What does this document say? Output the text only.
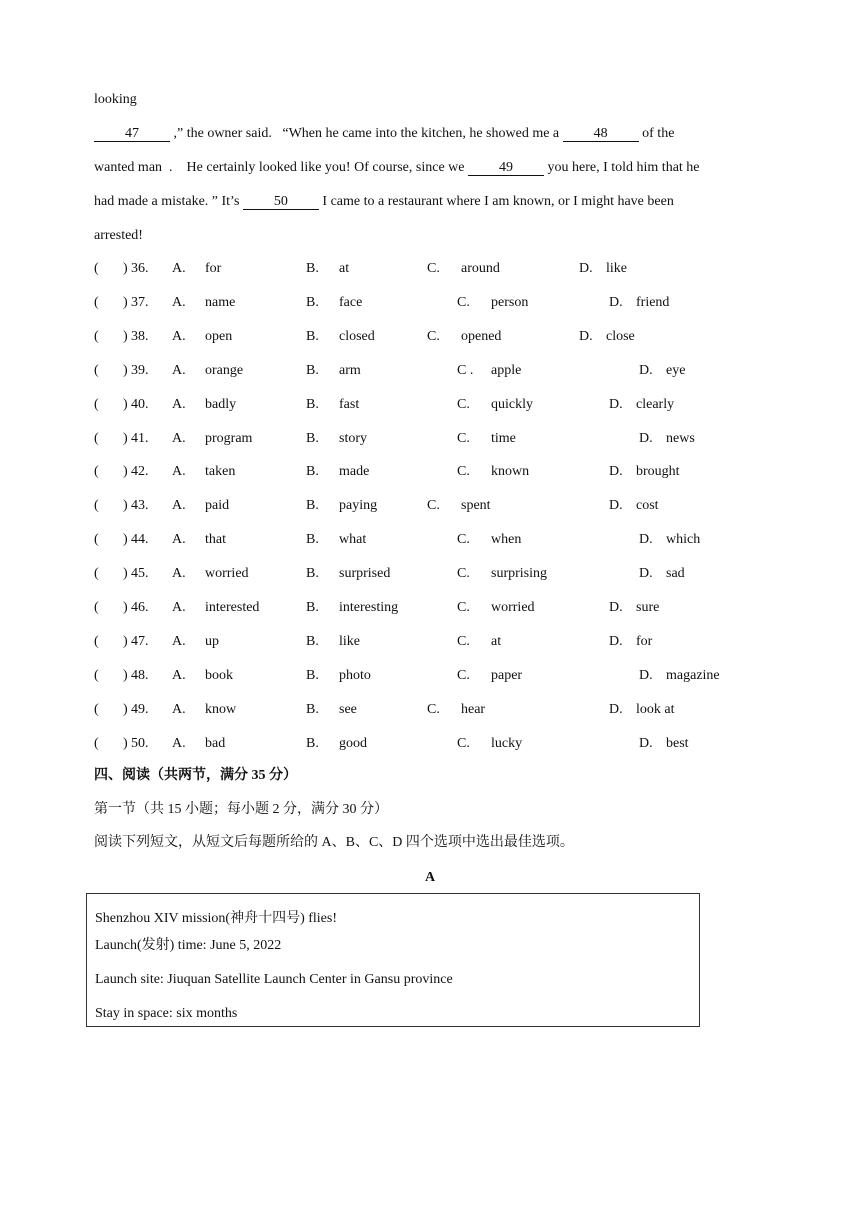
looking
47 ,” the owner said.   “When he came into the kitchen, he showed me a 48 of the
wanted man  .    He certainly looked like you! Of course, since we 49 you here, I told him that he
had made a mistake. ” It’s 50 I came to a restaurant where I am known, or I might have been
arrested!
( ) 36. A. for	B. at	C. around	D. like
( ) 37. A. name	B. face	C. person	D. friend
( ) 38. A. open	B. closed	C. opened	D. close
( ) 39. A. orange	B. arm	C . apple	D. eye
( ) 40. A. badly	B. fast	C. quickly	D. clearly
( ) 41. A. program	B. story	C. time	D. news
( ) 42. A. taken	B. made	C. known	D. brought
( ) 43. A. paid	B. paying	C. spent	D. cost
( ) 44. A. that	B. what	C. when	D. which
( ) 45. A. worried	B. surprised	C. surprising	D. sad
( ) 46. A. interested	B. interesting	C. worried	D. sure
( ) 47. A. up	B. like	C. at	D. for
( ) 48. A. book	B. photo	C. paper	D. magazine
( ) 49. A. know	B. see	C. hear	D. look at
( ) 50. A. bad	B. good	C. lucky	D. best
四、阅读（共两节，满分 35 分）
第一节（共 15 小题；每小题 2 分，满分 30 分）
阅读下列短文，从短文后每题所给的 A、B、C、D 四个选项中选出最佳选项。
A
Shenzhou XIV mission(神舟十四号) flies!
Launch(发射) time: June 5, 2022
Launch site: Jiuquan Satellite Launch Center in Gansu province
Stay in space: six months
